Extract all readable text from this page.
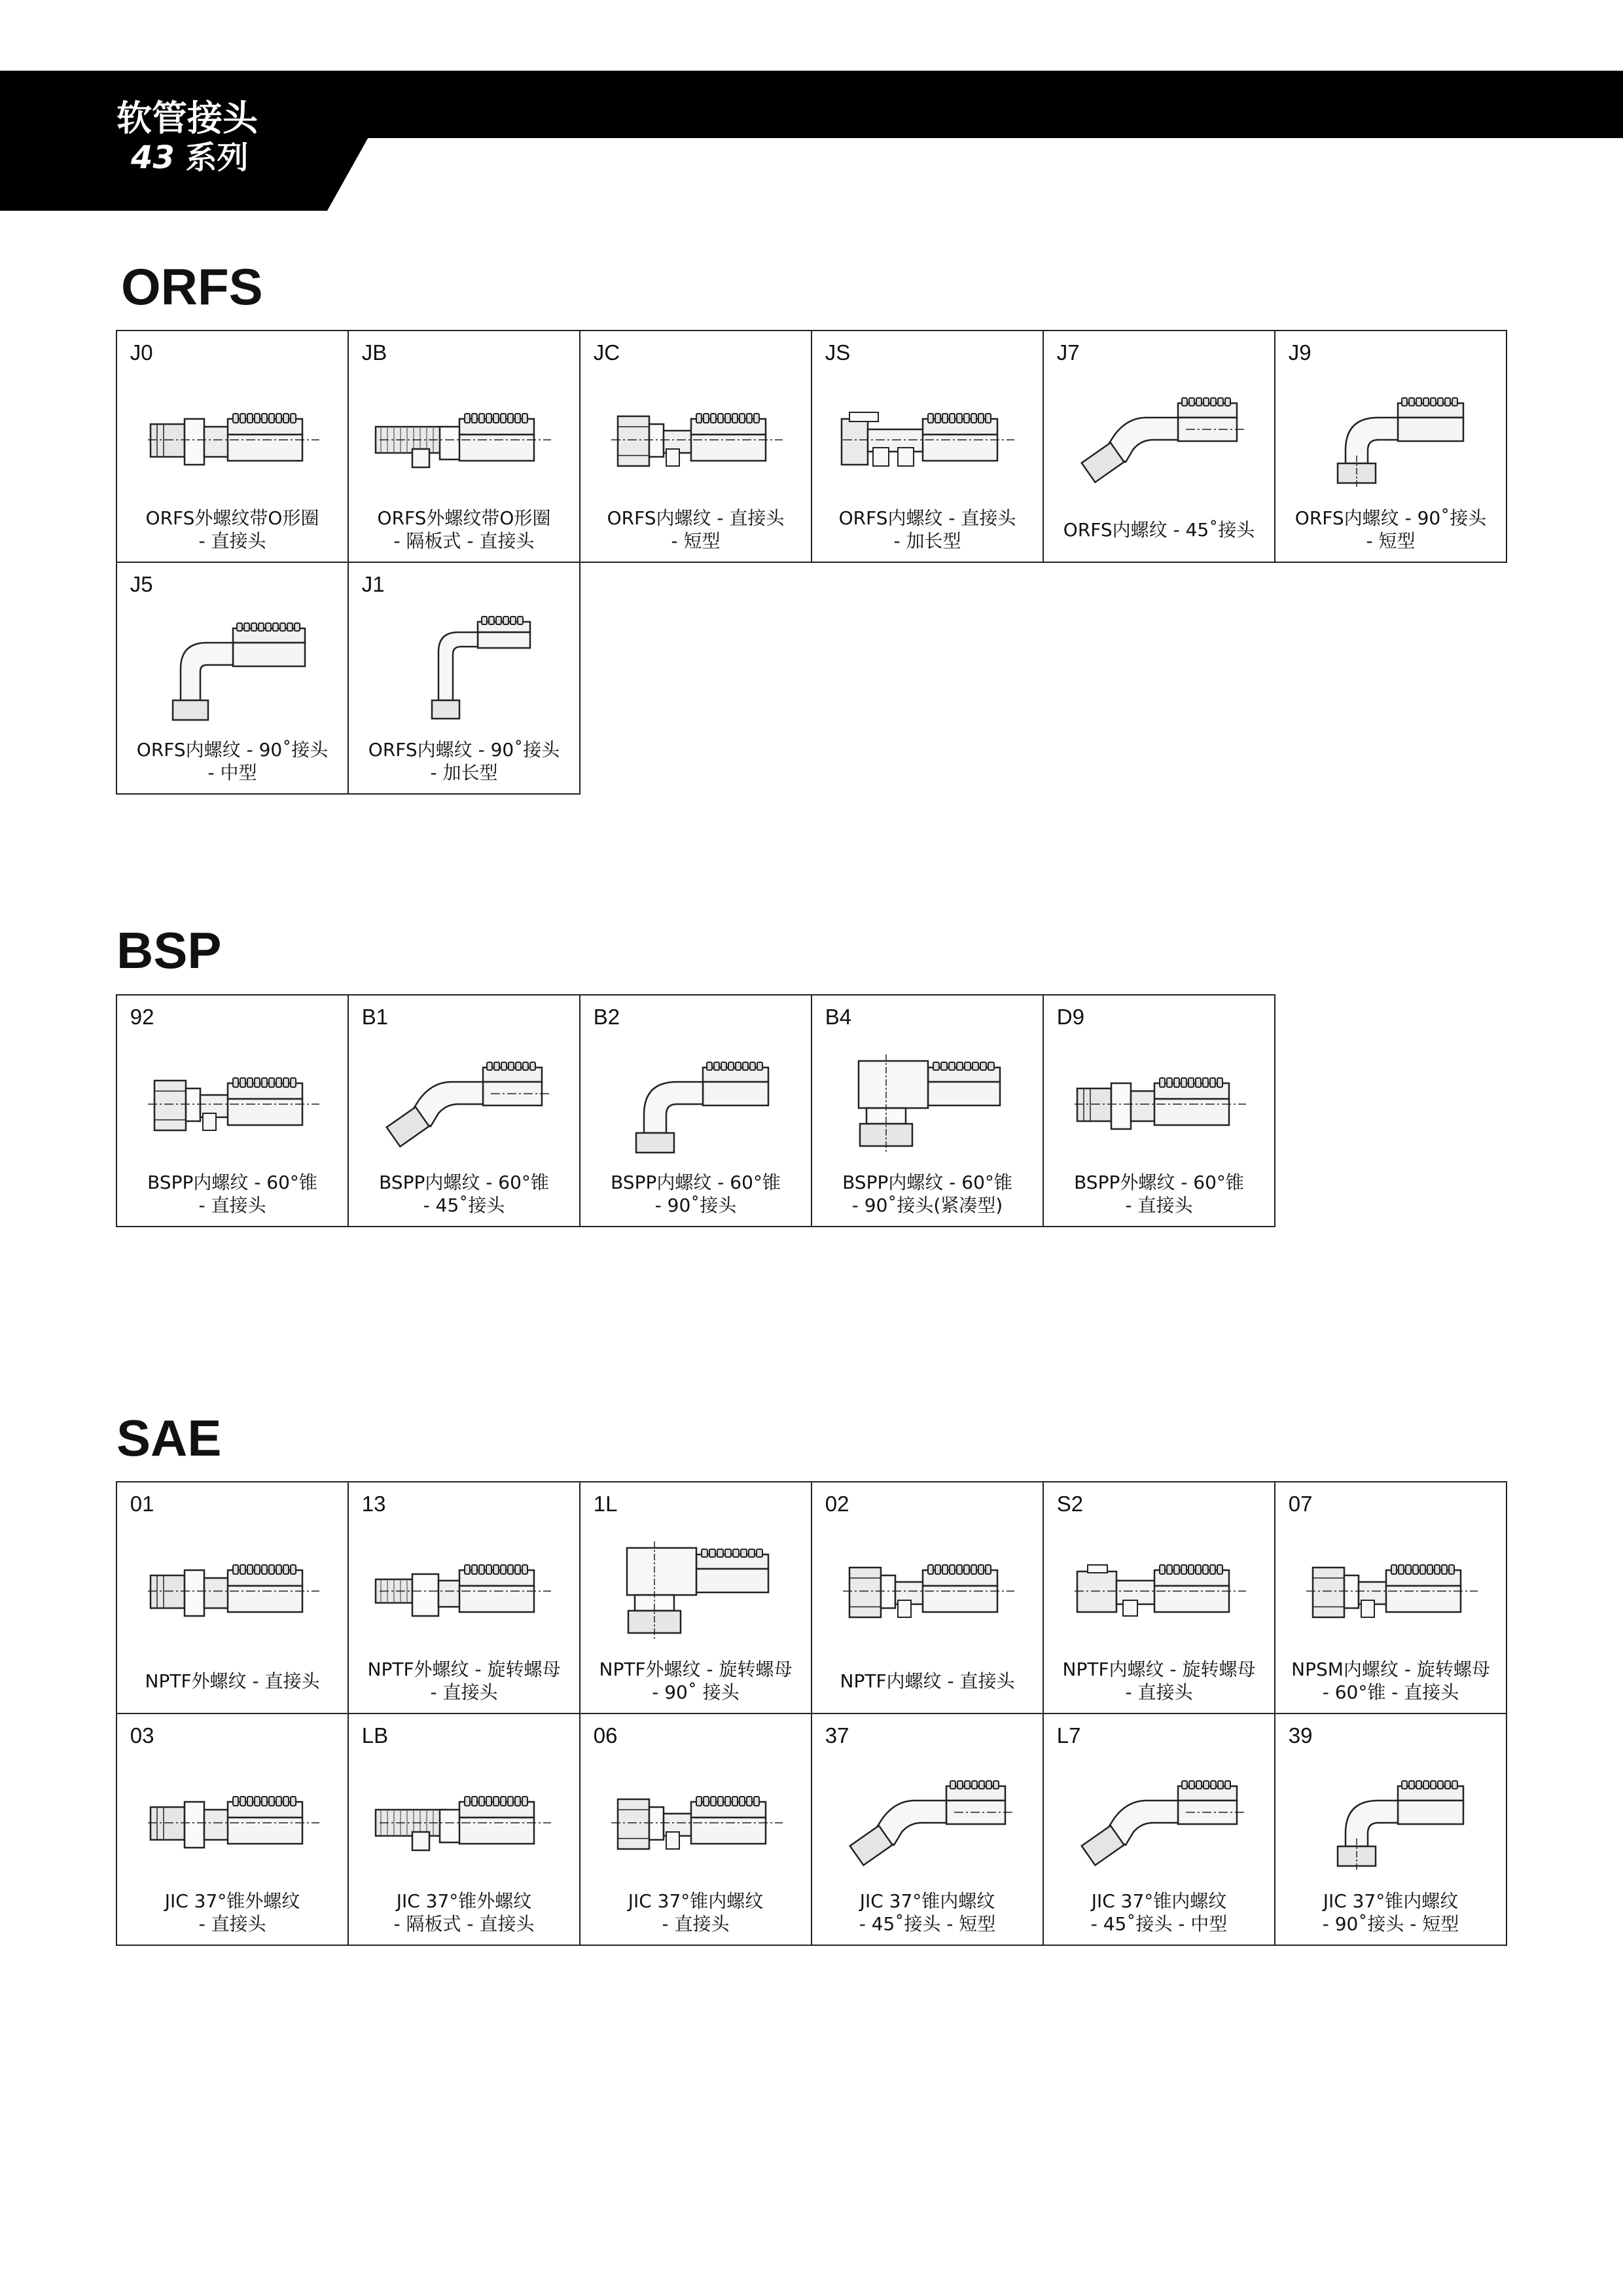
软管接头
43 系列
ORFS
J0
ORFS外螺纹带O形圈
- 直接头
JB
ORFS外螺纹带O形圈
- 隔板式 - 直接头
JC
ORFS内螺纹 - 直接头
- 短型
JS
ORFS内螺纹 - 直接头
- 加长型
J7
ORFS内螺纹 - 45˚接头
J9
ORFS内螺纹 - 90˚接头
- 短型
J5
ORFS内螺纹 - 90˚接头
- 中型
J1
ORFS内螺纹 - 90˚接头
- 加长型
BSP
92
BSPP内螺纹 - 60°锥
- 直接头
B1
BSPP内螺纹 - 60°锥
- 45˚接头
B2
BSPP内螺纹 - 60°锥
- 90˚接头
B4
BSPP内螺纹 - 60°锥
- 90˚接头(紧凑型)
D9
BSPP外螺纹 - 60°锥
- 直接头
SAE
01
NPTF外螺纹 - 直接头
13
NPTF外螺纹 - 旋转螺母
- 直接头
1L
NPTF外螺纹 - 旋转螺母
- 90˚ 接头
02
NPTF内螺纹 - 直接头
S2
NPTF内螺纹 - 旋转螺母
- 直接头
07
NPSM内螺纹 - 旋转螺母
- 60°锥 - 直接头
03
JIC 37°锥外螺纹
- 直接头
LB
JIC 37°锥外螺纹
- 隔板式 - 直接头
06
JIC 37°锥内螺纹
- 直接头
37
JIC 37°锥内螺纹
- 45˚接头 - 短型
L7
JIC 37°锥内螺纹
- 45˚接头 - 中型
39
JIC 37°锥内螺纹
- 90˚接头 - 短型
